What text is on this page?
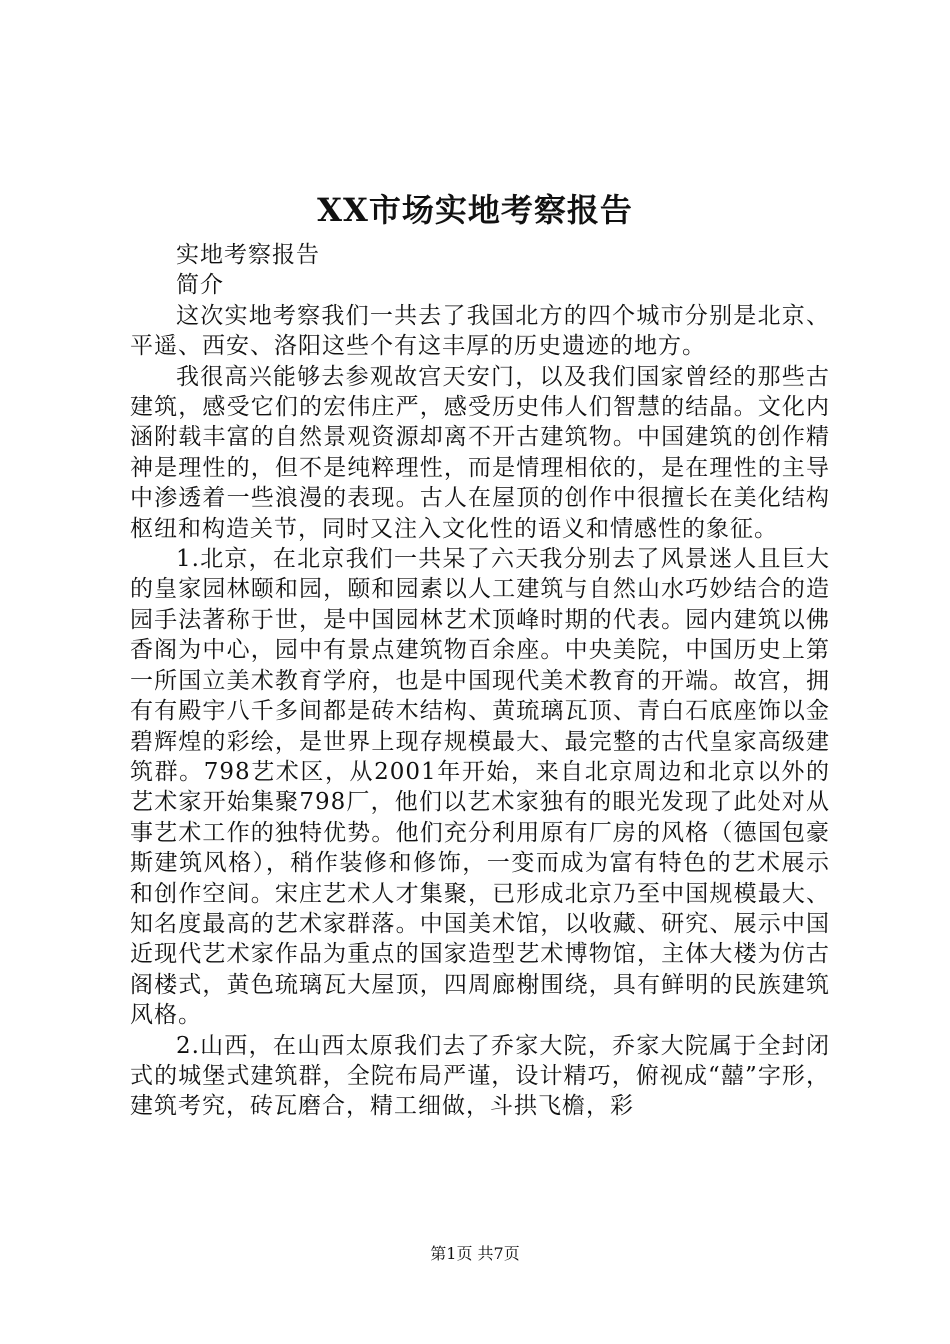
XX市场实地考察报告

实地考察报告

简介

这次实地考察我们一共去了我国北方的四个城市分别是北京、平遥、西安、洛阳这些个有这丰厚的历史遗迹的地方。

我很高兴能够去参观故宫天安门，以及我们国家曾经的那些古建筑，感受它们的宏伟庄严，感受历史伟人们智慧的结晶。文化内涵附载丰富的自然景观资源却离不开古建筑物。中国建筑的创作精神是理性的，但不是纯粹理性，而是情理相依的，是在理性的主导中渗透着一些浪漫的表现。古人在屋顶的创作中很擅长在美化结构枢纽和构造关节，同时又注入文化性的语义和情感性的象征。

1.北京，在北京我们一共呆了六天我分别去了风景迷人且巨大的皇家园林颐和园，颐和园素以人工建筑与自然山水巧妙结合的造园手法著称于世，是中国园林艺术顶峰时期的代表。园内建筑以佛香阁为中心，园中有景点建筑物百余座。中央美院，中国历史上第一所国立美术教育学府，也是中国现代美术教育的开端。故宫，拥有有殿宇八千多间都是砖木结构、黄琉璃瓦顶、青白石底座饰以金碧辉煌的彩绘，是世界上现存规模最大、最完整的古代皇家高级建筑群。798艺术区，从2001年开始，来自北京周边和北京以外的艺术家开始集聚798厂，他们以艺术家独有的眼光发现了此处对从事艺术工作的独特优势。他们充分利用原有厂房的风格（德国包豪斯建筑风格），稍作装修和修饰，一变而成为富有特色的艺术展示和创作空间。宋庄艺术人才集聚，已形成北京乃至中国规模最大、知名度最高的艺术家群落。中国美术馆，以收藏、研究、展示中国近现代艺术家作品为重点的国家造型艺术博物馆，主体大楼为仿古阁楼式，黄色琉璃瓦大屋顶，四周廊榭围绕，具有鲜明的民族建筑风格。

2.山西，在山西太原我们去了乔家大院，乔家大院属于全封闭式的城堡式建筑群，全院布局严谨，设计精巧，俯视成“囍”字形，建筑考究，砖瓦磨合，精工细做，斗拱飞檐，彩

第1页 共7页
